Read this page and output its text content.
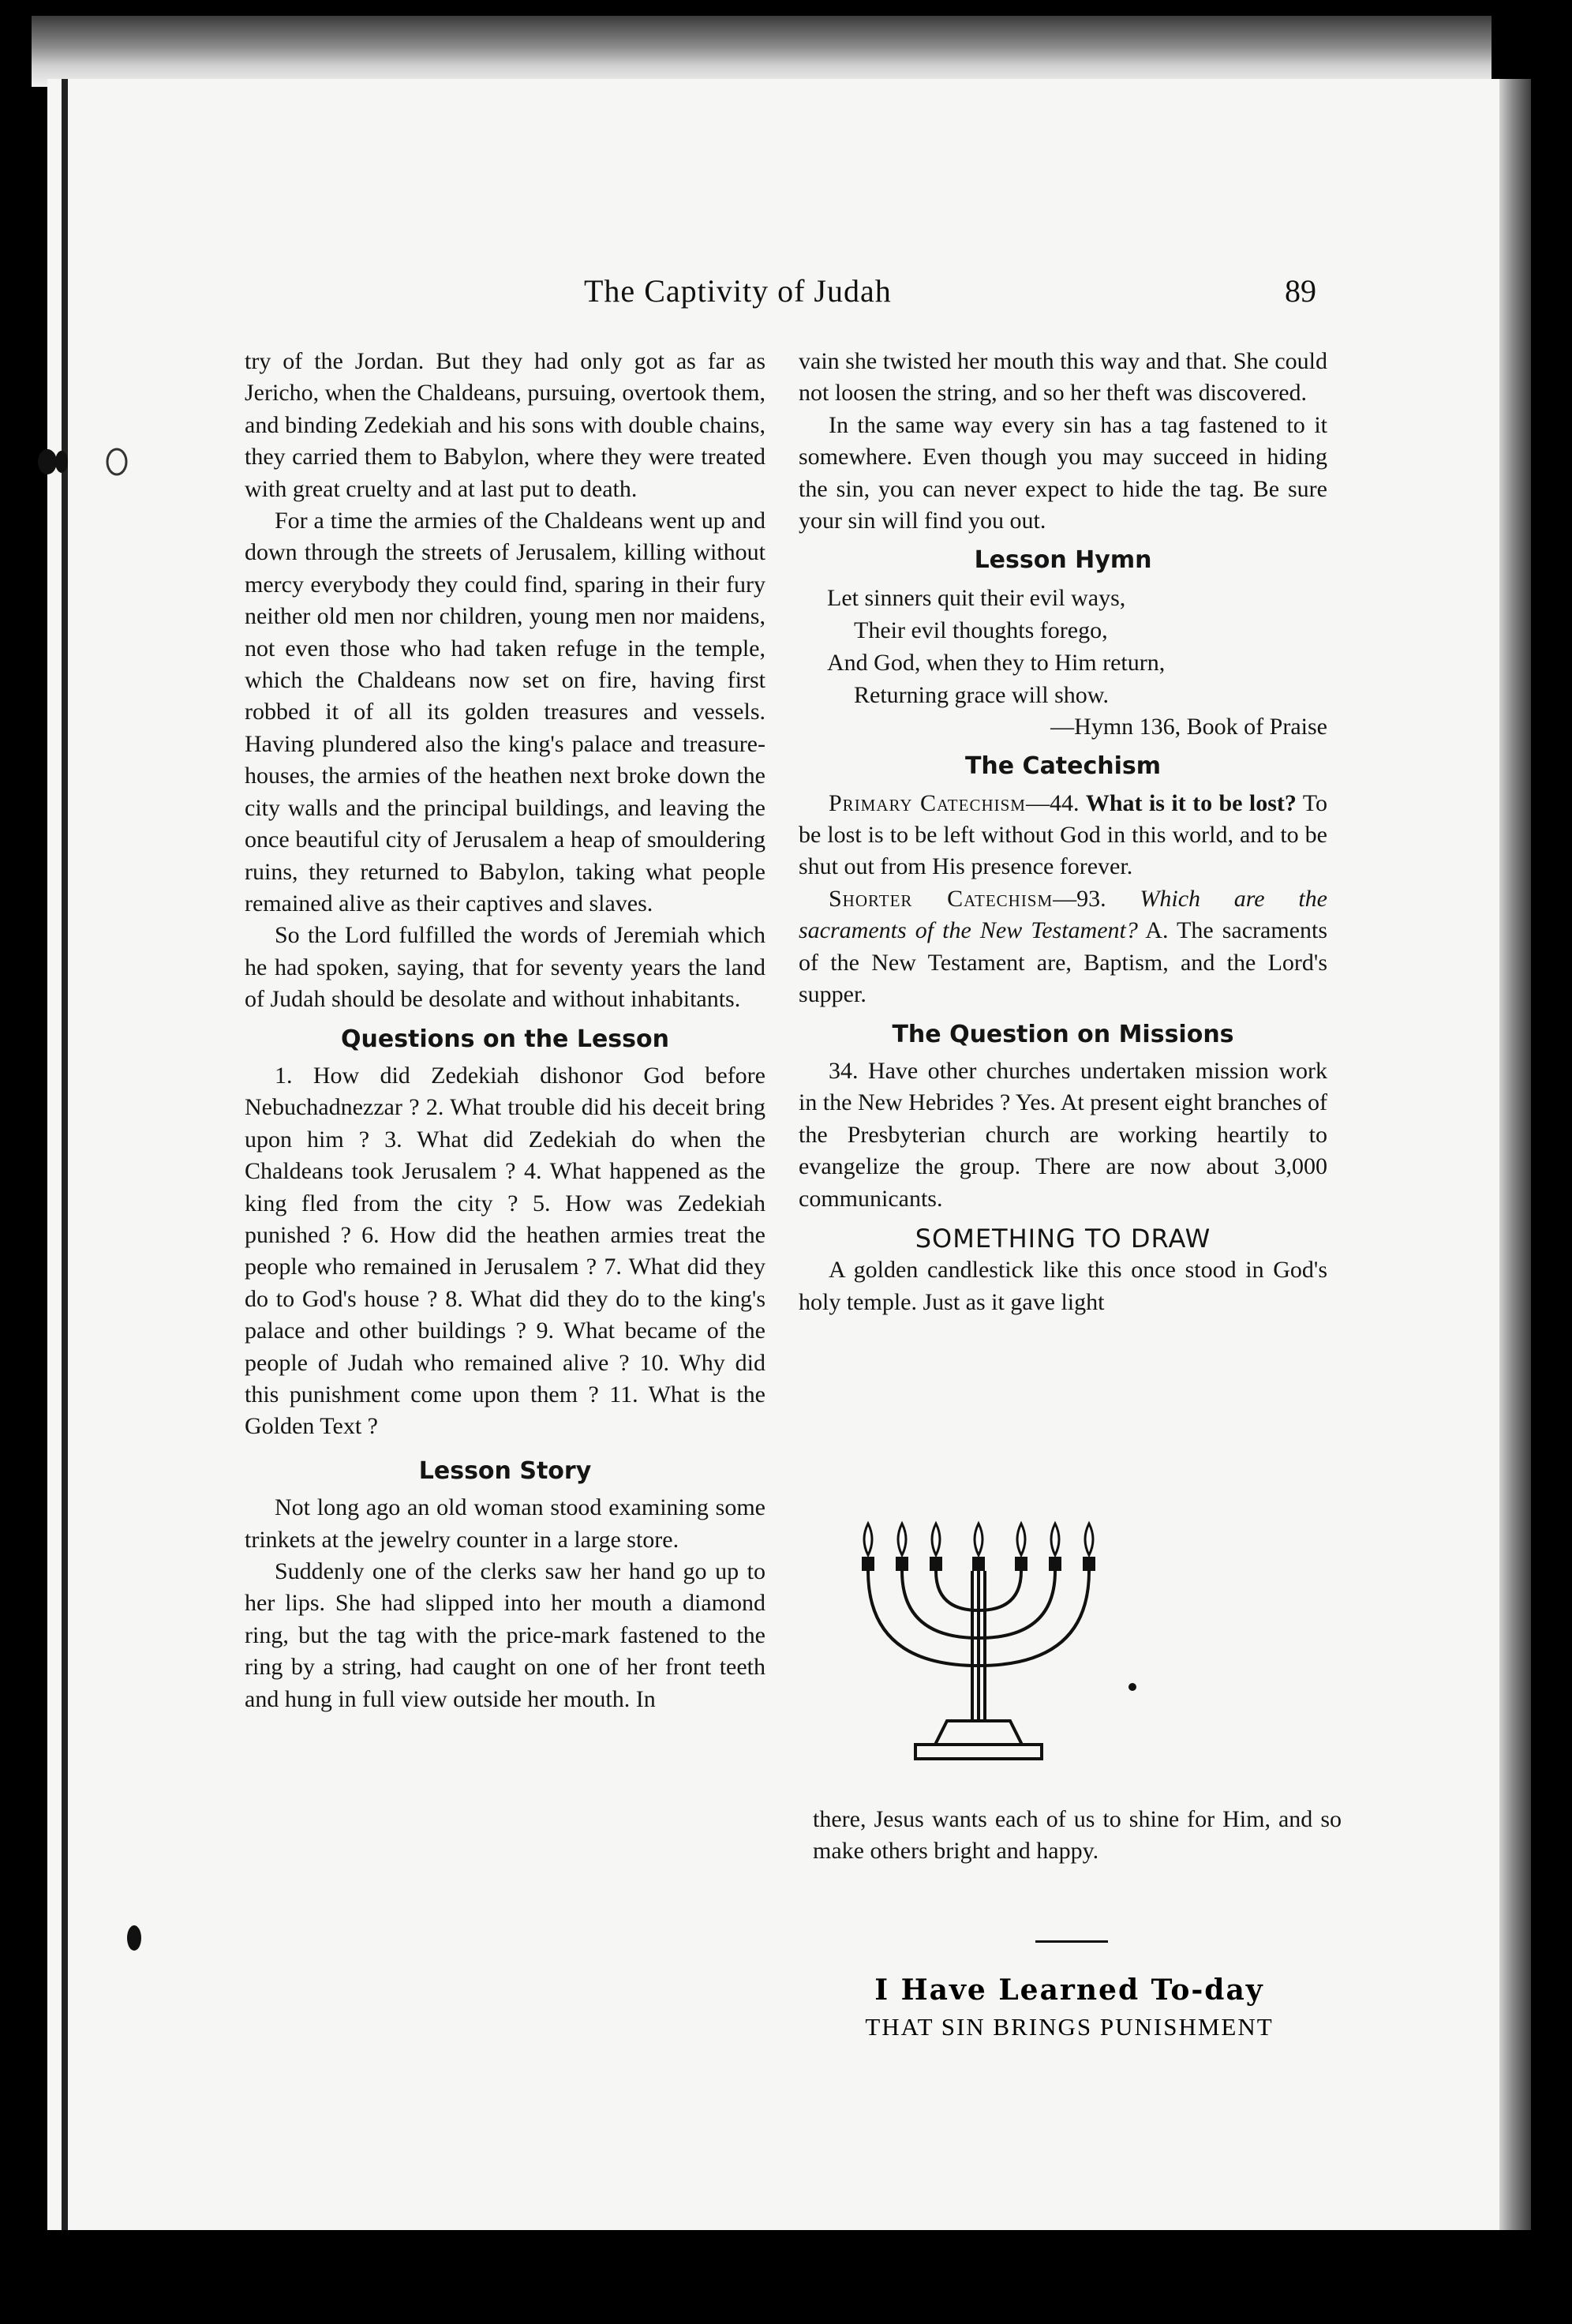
The Captivity of Judah	89

try of the Jordan. But they had only got as far as Jericho, when the Chaldeans, pursuing, overtook them, and binding Zedekiah and his sons with double chains, they carried them to Babylon, where they were treated with great cruelty and at last put to death.

For a time the armies of the Chaldeans went up and down through the streets of Jerusalem, killing without mercy everybody they could find, sparing in their fury neither old men nor children, young men nor maidens, not even those who had taken refuge in the temple, which the Chaldeans now set on fire, having first robbed it of all its golden treasures and vessels. Having plundered also the king's palace and treasure-houses, the armies of the heathen next broke down the city walls and the principal buildings, and leaving the once beautiful city of Jerusalem a heap of smouldering ruins, they returned to Babylon, taking what people remained alive as their captives and slaves.

So the Lord fulfilled the words of Jeremiah which he had spoken, saying, that for seventy years the land of Judah should be desolate and without inhabitants.

Questions on the Lesson

1. How did Zedekiah dishonor God before Nebuchadnezzar ? 2. What trouble did his deceit bring upon him ? 3. What did Zedekiah do when the Chaldeans took Jerusalem ? 4. What happened as the king fled from the city ? 5. How was Zedekiah punished ? 6. How did the heathen armies treat the people who remained in Jerusalem ? 7. What did they do to God's house ? 8. What did they do to the king's palace and other buildings ? 9. What became of the people of Judah who remained alive ? 10. Why did this punishment come upon them ? 11. What is the Golden Text ?

Lesson Story

Not long ago an old woman stood examining some trinkets at the jewelry counter in a large store.

Suddenly one of the clerks saw her hand go up to her lips. She had slipped into her mouth a diamond ring, but the tag with the price-mark fastened to the ring by a string, had caught on one of her front teeth and hung in full view outside her mouth. In

vain she twisted her mouth this way and that. She could not loosen the string, and so her theft was discovered.

In the same way every sin has a tag fastened to it somewhere. Even though you may succeed in hiding the sin, you can never expect to hide the tag. Be sure your sin will find you out.

Lesson Hymn
Let sinners quit their evil ways,
Their evil thoughts forego,
And God, when they to Him return,
Returning grace will show.
—Hymn 136, Book of Praise
The Catechism

Primary Catechism—44. What is it to be lost? To be lost is to be left without God in this world, and to be shut out from His presence forever.

Shorter Catechism—93. Which are the sacraments of the New Testament? A. The sacraments of the New Testament are, Baptism, and the Lord's supper.

The Question on Missions

34. Have other churches undertaken mission work in the New Hebrides ? Yes. At present eight branches of the Presbyterian church are working heartily to evangelize the group. There are now about 3,000 communicants.

SOMETHING TO DRAW

A golden candlestick like this once stood in God's holy temple. Just as it gave light

there, Jesus wants each of us to shine for Him, and so make others bright and happy.

I Have Learned To-day
THAT SIN BRINGS PUNISHMENT
